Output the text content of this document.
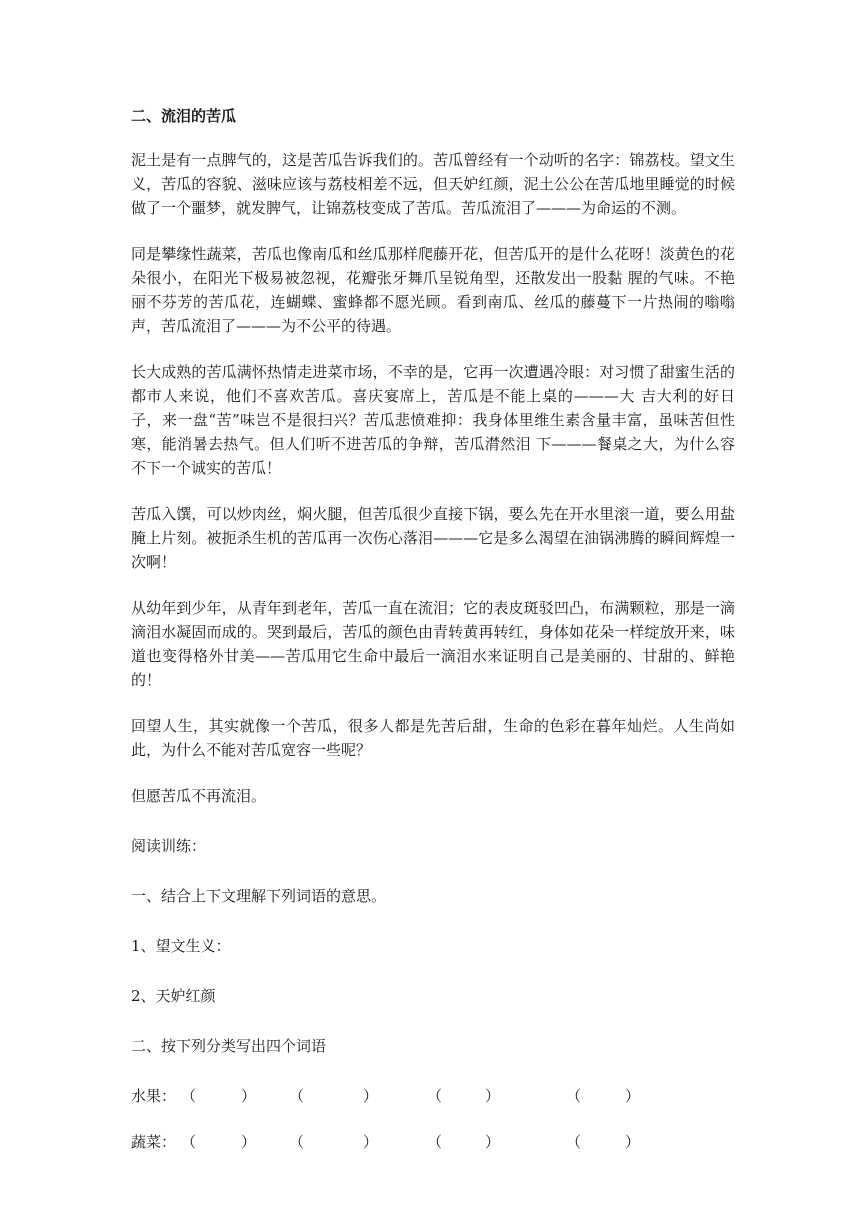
二、流泪的苦瓜
泥土是有一点脾气的，这是苦瓜告诉我们的。苦瓜曾经有一个动听的名字：锦荔枝。望文生义，苦瓜的容貌、滋味应该与荔枝相差不远，但天妒红颜，泥土公公在苦瓜地里睡觉的时候做了一个噩梦，就发脾气，让锦荔枝变成了苦瓜。苦瓜流泪了———为命运的不测。
同是攀缘性蔬菜，苦瓜也像南瓜和丝瓜那样爬藤开花，但苦瓜开的是什么花呀！淡黄色的花朵很小，在阳光下极易被忽视，花瓣张牙舞爪呈锐角型，还散发出一股黏 腥的气味。不艳丽不芬芳的苦瓜花，连蝴蝶、蜜蜂都不愿光顾。看到南瓜、丝瓜的藤蔓下一片热闹的嗡嗡声，苦瓜流泪了———为不公平的待遇。
长大成熟的苦瓜满怀热情走进菜市场，不幸的是，它再一次遭遇冷眼：对习惯了甜蜜生活的都市人来说，他们不喜欢苦瓜。喜庆宴席上，苦瓜是不能上桌的———大 吉大利的好日子，来一盘“苦”味岂不是很扫兴？苦瓜悲愤难抑：我身体里维生素含量丰富，虽味苦但性寒，能消暑去热气。但人们听不进苦瓜的争辩，苦瓜潸然泪 下———餐桌之大，为什么容不下一个诚实的苦瓜！
苦瓜入馔，可以炒肉丝，焖火腿，但苦瓜很少直接下锅，要么先在开水里滚一道，要么用盐腌上片刻。被扼杀生机的苦瓜再一次伤心落泪———它是多么渴望在油锅沸腾的瞬间辉煌一次啊！
从幼年到少年，从青年到老年，苦瓜一直在流泪；它的表皮斑驳凹凸，布满颗粒，那是一滴滴泪水凝固而成的。哭到最后，苦瓜的颜色由青转黄再转红，身体如花朵一样绽放开来，味道也变得格外甘美——苦瓜用它生命中最后一滴泪水来证明自己是美丽的、甘甜的、鲜艳的！
回望人生，其实就像一个苦瓜，很多人都是先苦后甜，生命的色彩在暮年灿烂。人生尚如此，为什么不能对苦瓜宽容一些呢？
但愿苦瓜不再流泪。
阅读训练：
一、结合上下文理解下列词语的意思。
1、望文生义：
2、天妒红颜
二、按下列分类写出四个词语
水果： （	） （	）	（	）	（	）
蔬菜： （	） （	）	（	）	（	）
